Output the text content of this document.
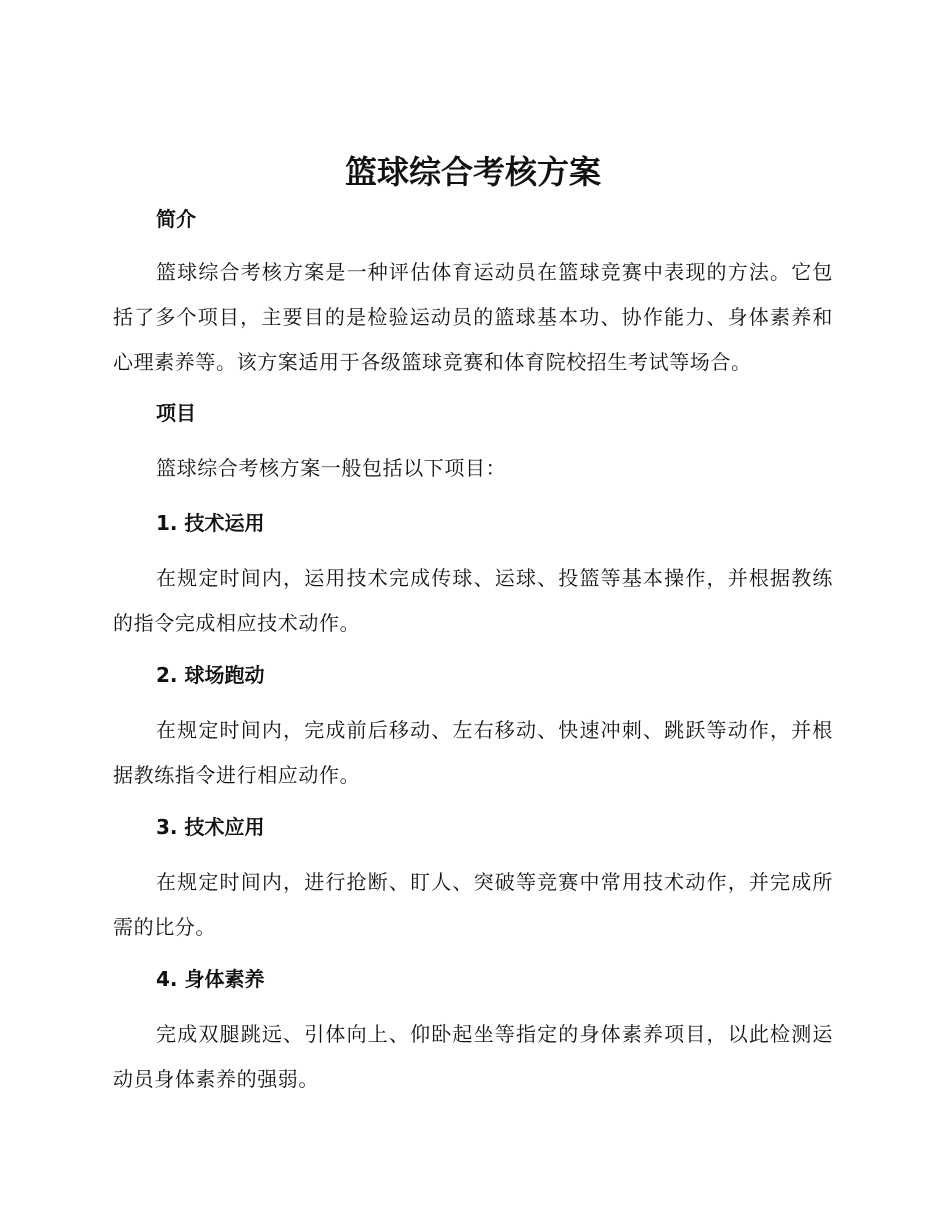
篮球综合考核方案
简介

篮球综合考核方案是一种评估体育运动员在篮球竞赛中表现的方法。它包括了多个项目，主要目的是检验运动员的篮球基本功、协作能力、身体素养和心理素养等。该方案适用于各级篮球竞赛和体育院校招生考试等场合。

项目

篮球综合考核方案一般包括以下项目：

1. 技术运用

在规定时间内，运用技术完成传球、运球、投篮等基本操作，并根据教练的指令完成相应技术动作。

2. 球场跑动

在规定时间内，完成前后移动、左右移动、快速冲刺、跳跃等动作，并根据教练指令进行相应动作。

3. 技术应用

在规定时间内，进行抢断、盯人、突破等竞赛中常用技术动作，并完成所需的比分。

4. 身体素养

完成双腿跳远、引体向上、仰卧起坐等指定的身体素养项目，以此检测运动员身体素养的强弱。
